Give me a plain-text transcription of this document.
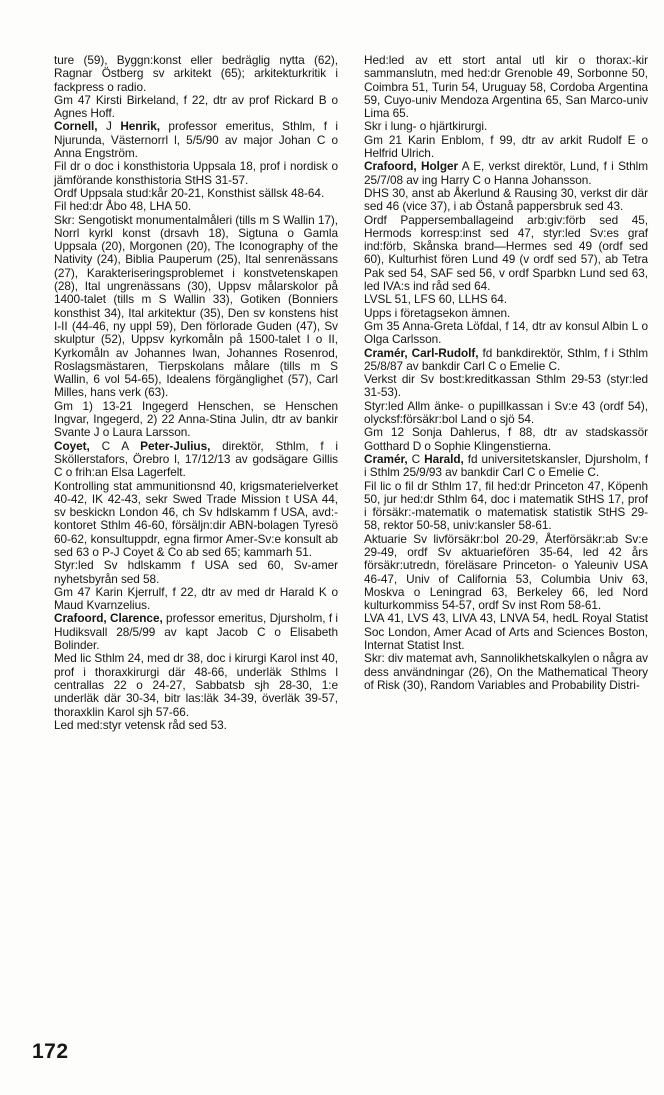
ture (59), Byggn:konst eller bedräglig nytta (62), Ragnar Östberg sv arkitekt (65); arkitekturkritik i fackpress o radio.
Gm 47 Kirsti Birkeland, f 22, dtr av prof Rickard B o Agnes Hoff.
Cornell, J Henrik, professor emeritus, Sthlm, f i Njurunda, Västernorrl l, 5/5/90 av major Johan C o Anna Engström.
Fil dr o doc i konsthistoria Uppsala 18, prof i nordisk o jämförande konsthistoria StHS 31-57.
Ordf Uppsala stud:kår 20-21, Konsthist sällsk 48-64.
Fil hed:dr Åbo 48, LHA 50.
Skr: Sengotiskt monumentalmåleri (tills m S Wallin 17), Norrl kyrkl konst (drsavh 18), Sigtuna o Gamla Uppsala (20), Morgonen (20), The Iconography of the Nativity (24), Biblia Pauperum (25), Ital senrenässans (27), Karakteriseringsproblemet i konstvetenskapen (28), Ital ungrenässans (30), Uppsv målarskolor på 1400-talet (tills m S Wallin 33), Gotiken (Bonniers konsthist 34), Ital arkitektur (35), Den sv konstens hist I-II (44-46, ny uppl 59), Den förlorade Guden (47), Sv skulptur (52), Uppsv kyrkomåln på 1500-talet I o II, Kyrkomåln av Johannes Iwan, Johannes Rosenrod, Roslagsmästaren, Tierpskolans målare (tills m S Wallin, 6 vol 54-65), Idealens förgänglighet (57), Carl Milles, hans verk (63).
Gm 1) 13-21 Ingegerd Henschen, se Henschen Ingvar, Ingegerd, 2) 22 Anna-Stina Julin, dtr av bankir Svante J o Laura Larsson.
Coyet, C A Peter-Julius, direktör, Sthlm, f i Sköllerstafors, Örebro l, 17/12/13 av godsägare Gillis C o frih:an Elsa Lagerfelt.
Kontrolling stat ammunitionsnd 40, krigsmaterielverket 40-42, IK 42-43, sekr Swed Trade Mission t USA 44, sv beskickn London 46, ch Sv hdlskamm f USA, avd:-kontoret Sthlm 46-60, försäljn:dir ABN-bolagen Tyresö 60-62, konsultuppdr, egna firmor Amer-Sv:e konsult ab sed 63 o P-J Coyet & Co ab sed 65; kammarh 51.
Styr:led Sv hdlskamm f USA sed 60, Sv-amer nyhetsbyrån sed 58.
Gm 47 Karin Kjerrulf, f 22, dtr av med dr Harald K o Maud Kvarnzelius.
Crafoord, Clarence, professor emeritus, Djursholm, f i Hudiksvall 28/5/99 av kapt Jacob C o Elisabeth Bolinder.
Med lic Sthlm 24, med dr 38, doc i kirurgi Karol inst 40, prof i thoraxkirurgi där 48-66, underläk Sthlms l centrallas 22 o 24-27, Sabbatsb sjh 28-30, 1:e underläk där 30-34, bitr las:läk 34-39, överläk 39-57, thoraxklin Karol sjh 57-66.
Led med:styr vetensk råd sed 53.
Hed:led av ett stort antal utl kir o thorax:-kir sammanslutn, med hed:dr Grenoble 49, Sorbonne 50, Coimbra 51, Turin 54, Uruguay 58, Cordoba Argentina 59, Cuyo-univ Mendoza Argentina 65, San Marco-univ Lima 65.
Skr i lung- o hjärtkirurgi.
Gm 21 Karin Enblom, f 99, dtr av arkit Rudolf E o Helfrid Ulrich.
Crafoord, Holger A E, verkst direktör, Lund, f i Sthlm 25/7/08 av ing Harry C o Hanna Johansson.
DHS 30, anst ab Åkerlund & Rausing 30, verkst dir där sed 46 (vice 37), i ab Östanå pappersbruk sed 43.
Ordf Pappersemballageind arb:giv:förb sed 45, Hermods korresp:inst sed 47, styr:led Sv:es graf ind:förb, Skånska brand—Hermes sed 49 (ordf sed 60), Kulturhist fören Lund 49 (v ordf sed 57), ab Tetra Pak sed 54, SAF sed 56, v ordf Sparbkn Lund sed 63, led IVA:s ind råd sed 64.
LVSL 51, LFS 60, LLHS 64.
Upps i företagsekon ämnen.
Gm 35 Anna-Greta Löfdal, f 14, dtr av konsul Albin L o Olga Carlsson.
Cramér, Carl-Rudolf, fd bankdirektör, Sthlm, f i Sthlm 25/8/87 av bankdir Carl C o Emelie C.
Verkst dir Sv bost:kreditkassan Sthlm 29-53 (styr:led 31-53).
Styr:led Allm änke- o pupillkassan i Sv:e 43 (ordf 54), olycksf:försäkr:bol Land o sjö 54.
Gm 12 Sonja Dahlerus, f 88, dtr av stadskassör Gotthard D o Sophie Klingenstierna.
Cramér, C Harald, fd universitetskansler, Djursholm, f i Sthlm 25/9/93 av bankdir Carl C o Emelie C.
Fil lic o fil dr Sthlm 17, fil hed:dr Princeton 47, Köpenh 50, jur hed:dr Sthlm 64, doc i matematik StHS 17, prof i försäkr:-matematik o matematisk statistik StHS 29-58, rektor 50-58, univ:kansler 58-61.
Aktuarie Sv livförsäkr:bol 20-29, Återförsäkr:ab Sv:e 29-49, ordf Sv aktuariefören 35-64, led 42 års försäkr:utredn, föreläsare Princeton- o Yaleuniv USA 46-47, Univ of California 53, Columbia Univ 63, Moskva o Leningrad 63, Berkeley 66, led Nord kulturkommiss 54-57, ordf Sv inst Rom 58-61.
LVA 41, LVS 43, LIVA 43, LNVA 54, hedL Royal Statist Soc London, Amer Acad of Arts and Sciences Boston, Internat Statist Inst.
Skr: div matemat avh, Sannolikhetskalkylen o några av dess användningar (26), On the Mathematical Theory of Risk (30), Random Variables and Probability Distri-
172
